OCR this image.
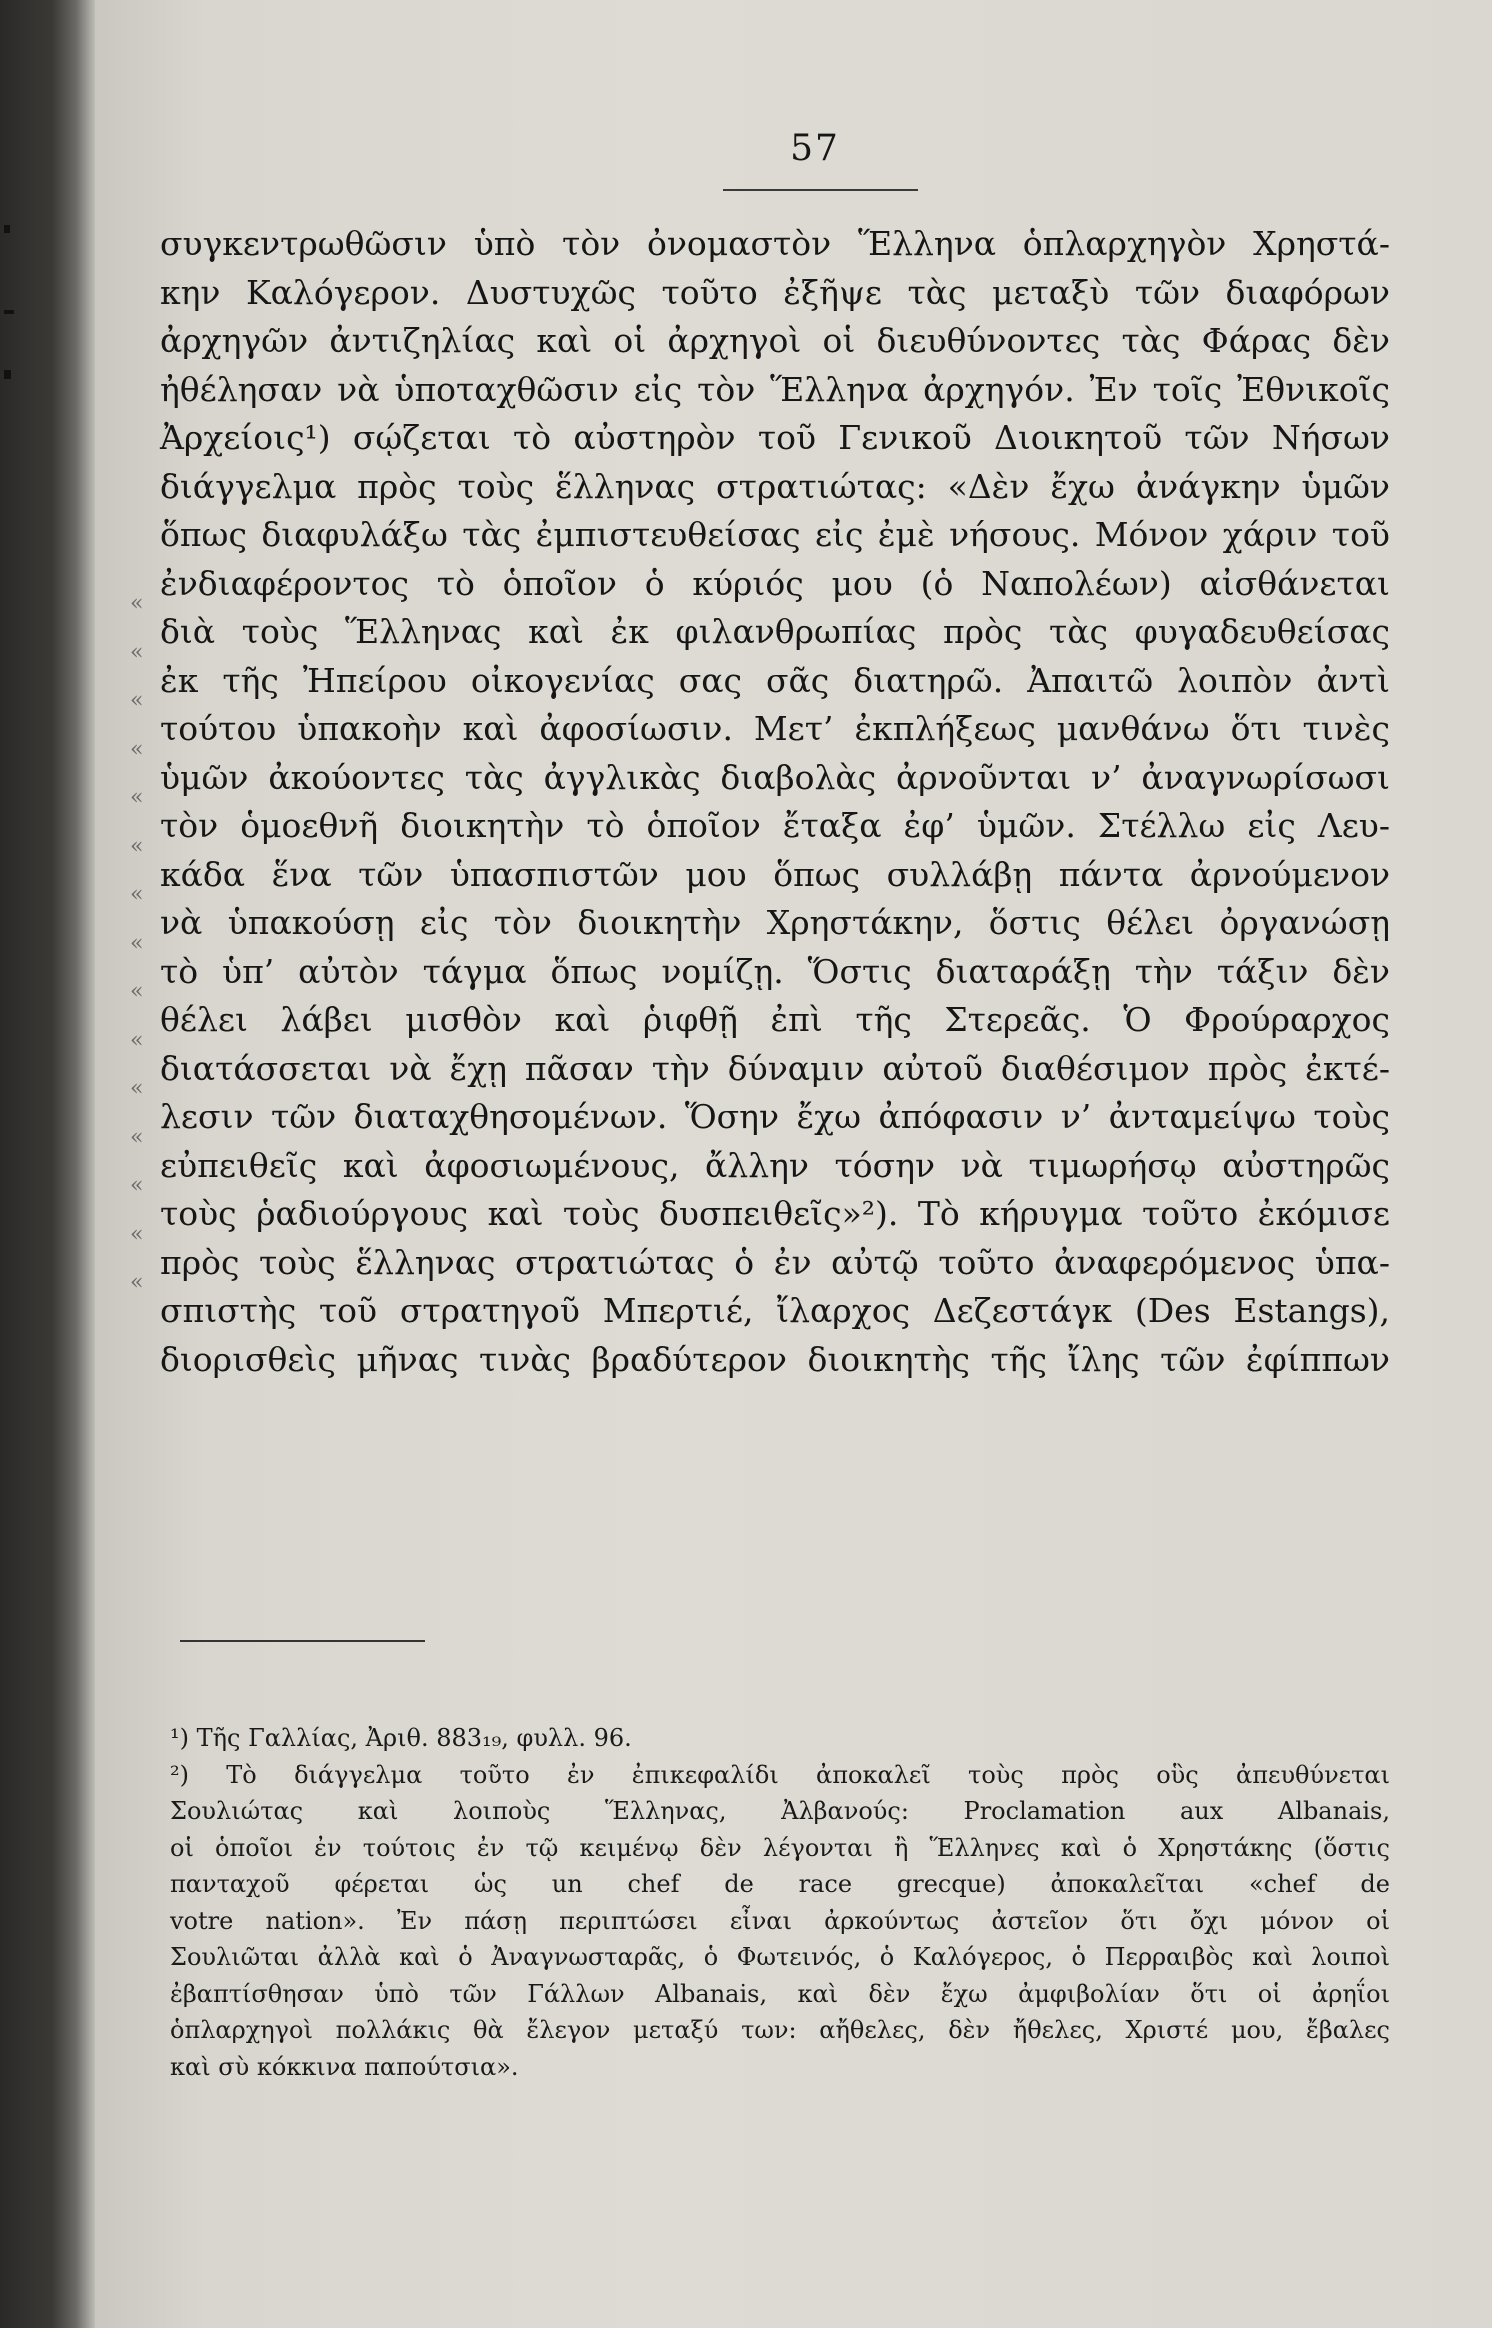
57
«
«
«
«
«
«
«
«
«
«
«
«
«
«
«
συγκεντρωθῶσιν ὑπὸ τὸν ὀνομαστὸν Ἕλληνα ὁπλαρχηγὸν Χρηστά-
κην Καλόγερον. Δυστυχῶς τοῦτο ἐξῆψε τὰς μεταξὺ τῶν διαφόρων
ἀρχηγῶν ἀντιζηλίας καὶ οἱ ἀρχηγοὶ οἱ διευθύνοντες τὰς Φάρας δὲν
ἠθέλησαν νὰ ὑποταχθῶσιν εἰς τὸν Ἕλληνα ἀρχηγόν. Ἐν τοῖς Ἐθνικοῖς
Ἀρχείοις¹) σῴζεται τὸ αὐστηρὸν τοῦ Γενικοῦ Διοικητοῦ τῶν Νήσων
διάγγελμα πρὸς τοὺς ἕλληνας στρατιώτας: «Δὲν ἔχω ἀνάγκην ὑμῶν
ὅπως διαφυλάξω τὰς ἐμπιστευθείσας εἰς ἐμὲ νήσους. Μόνον χάριν τοῦ
ἐνδιαφέροντος τὸ ὁποῖον ὁ κύριός μου (ὁ Ναπολέων) αἰσθάνεται
διὰ τοὺς Ἕλληνας καὶ ἐκ φιλανθρωπίας πρὸς τὰς φυγαδευθείσας
ἐκ τῆς Ἠπείρου οἰκογενίας σας σᾶς διατηρῶ. Ἀπαιτῶ λοιπὸν ἀντὶ
τούτου ὑπακοὴν καὶ ἀφοσίωσιν. Μετ’ ἐκπλήξεως μανθάνω ὅτι τινὲς
ὑμῶν ἀκούοντες τὰς ἀγγλικὰς διαβολὰς ἀρνοῦνται ν’ ἀναγνωρίσωσι
τὸν ὁμοεθνῆ διοικητὴν τὸ ὁποῖον ἔταξα ἐφ’ ὑμῶν. Στέλλω εἰς Λευ-
κάδα ἕνα τῶν ὑπασπιστῶν μου ὅπως συλλάβῃ πάντα ἀρνούμενον
νὰ ὑπακούσῃ εἰς τὸν διοικητὴν Χρηστάκην, ὅστις θέλει ὀργανώσῃ
τὸ ὑπ’ αὐτὸν τάγμα ὅπως νομίζῃ. Ὅστις διαταράξῃ τὴν τάξιν δὲν
θέλει λάβει μισθὸν καὶ ῥιφθῇ ἐπὶ τῆς Στερεᾶς. Ὁ Φρούραρχος
διατάσσεται νὰ ἔχῃ πᾶσαν τὴν δύναμιν αὐτοῦ διαθέσιμον πρὸς ἐκτέ-
λεσιν τῶν διαταχθησομένων. Ὅσην ἔχω ἀπόφασιν ν’ ἀνταμείψω τοὺς
εὐπειθεῖς καὶ ἀφοσιωμένους, ἄλλην τόσην νὰ τιμωρήσῳ αὐστηρῶς
τοὺς ῥαδιούργους καὶ τοὺς δυσπειθεῖς»²). Τὸ κήρυγμα τοῦτο ἐκόμισε
πρὸς τοὺς ἕλληνας στρατιώτας ὁ ἐν αὐτῷ τοῦτο ἀναφερόμενος ὑπα-
σπιστὴς τοῦ στρατηγοῦ Μπερτιέ, ἴλαρχος Δεζεστάγκ (Des Estangs),
διορισθεὶς μῆνας τινὰς βραδύτερον διοικητὴς τῆς ἴλης τῶν ἐφίππων
¹) Τῆς Γαλλίας, Ἀριθ. 883₁₉, φυλλ. 96.
²) Τὸ διάγγελμα τοῦτο ἐν ἐπικεφαλίδι ἀποκαλεῖ τοὺς πρὸς οὓς ἀπευθύνεται
Σουλιώτας καὶ λοιποὺς Ἕλληνας, Ἀλβανούς: Proclamation aux Albanais,
οἱ ὁποῖοι ἐν τούτοις ἐν τῷ κειμένῳ δὲν λέγονται ἢ Ἕλληνες καὶ ὁ Χρηστάκης (ὅστις
πανταχοῦ φέρεται ὡς un chef de race grecque) ἀποκαλεῖται «chef de
votre nation». Ἐν πάσῃ περιπτώσει εἶναι ἀρκούντως ἀστεῖον ὅτι ὄχι μόνον οἱ
Σουλιῶται ἀλλὰ καὶ ὁ Ἀναγνωσταρᾶς, ὁ Φωτεινός, ὁ Καλόγερος, ὁ Περραιβὸς καὶ λοιποὶ
ἐβαπτίσθησαν ὑπὸ τῶν Γάλλων Albanais, καὶ δὲν ἔχω ἀμφιβολίαν ὅτι οἱ ἀρηΐοι
ὁπλαρχηγοὶ πολλάκις θὰ ἔλεγον μεταξύ των: αἤθελες, δὲν ἤθελες, Χριστέ μου, ἔβαλες
καὶ σὺ κόκκινα παπούτσια».
